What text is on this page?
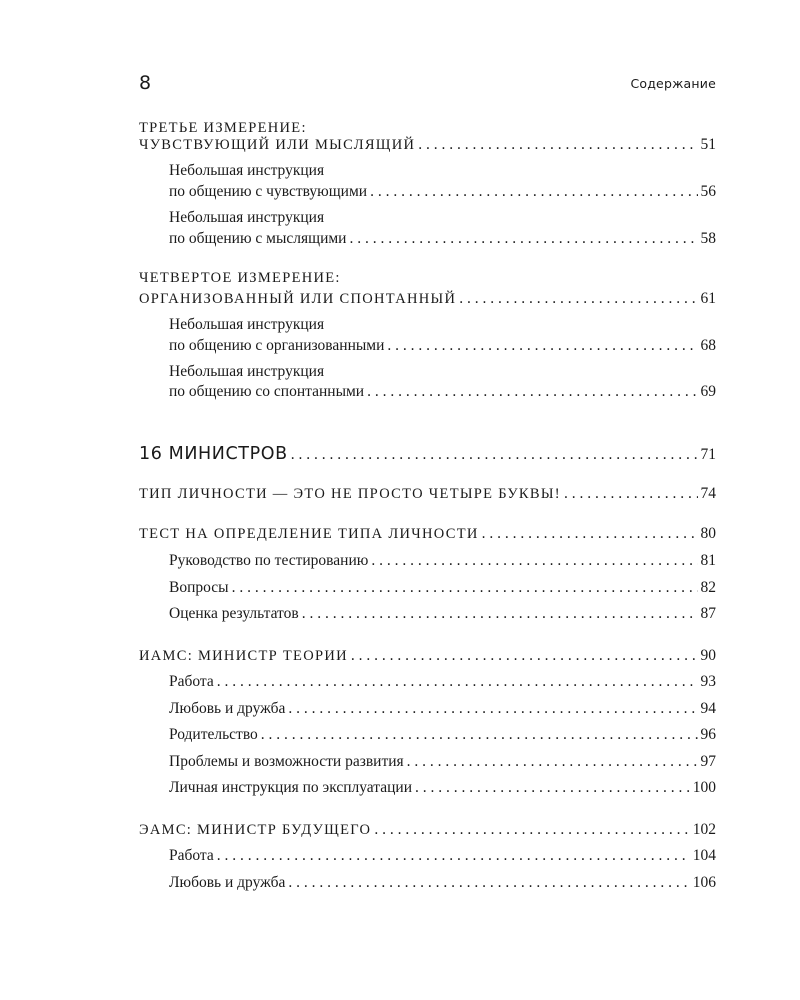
8	Содержание
ТРЕТЬЕ ИЗМЕРЕНИЕ:
ЧУВСТВУЮЩИЙ ИЛИ МЫСЛЯЩИЙ . . .	51
Небольшая инструкция
по общению с чувствующими . . .	56
Небольшая инструкция
по общению с мыслящими . . .	58
ЧЕТВЕРТОЕ ИЗМЕРЕНИЕ:
ОРГАНИЗОВАННЫЙ ИЛИ СПОНТАННЫЙ . . .	61
Небольшая инструкция
по общению с организованными . . .	68
Небольшая инструкция
по общению со спонтанными . . .	69
16 МИНИСТРОВ . . .	71
ТИП ЛИЧНОСТИ — ЭТО НЕ ПРОСТО ЧЕТЫРЕ БУКВЫ! . . .	74
ТЕСТ НА ОПРЕДЕЛЕНИЕ ТИПА ЛИЧНОСТИ . . .	80
Руководство по тестированию . . .	81
Вопросы . . .	82
Оценка результатов . . .	87
ИАМС: МИНИСТР ТЕОРИИ . . .	90
Работа . . .	93
Любовь и дружба . . .	94
Родительство . . .	96
Проблемы и возможности развития . . .	97
Личная инструкция по эксплуатации . . .	100
ЭАМС: МИНИСТР БУДУЩЕГО . . .	102
Работа . . .	104
Любовь и дружба . . .	106
